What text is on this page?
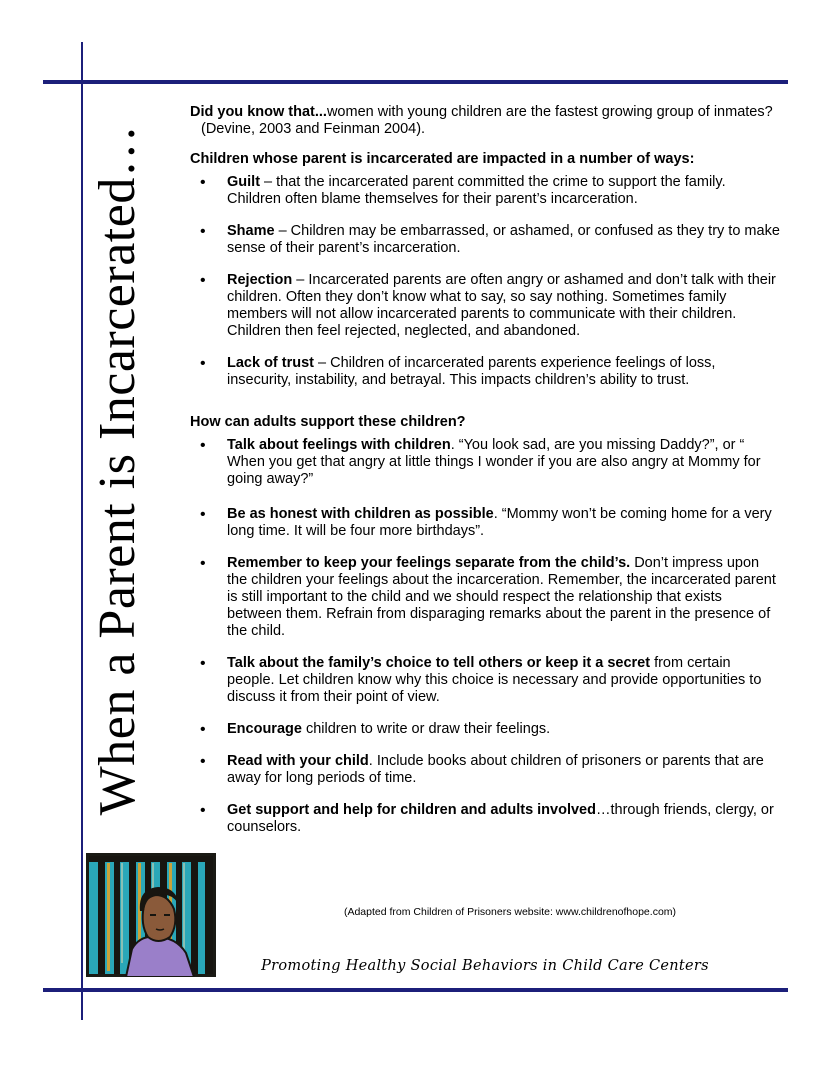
When a Parent is Incarcerated…

Did you know that...women with young children are the fastest growing group of inmates? (Devine, 2003 and Feinman 2004).

Children whose parent is incarcerated are impacted in a number of ways:

• Guilt – that the incarcerated parent committed the crime to support the family. Children often blame themselves for their parent’s incarceration.
• Shame – Children may be embarrassed, or ashamed, or confused as they try to make sense of their parent’s incarceration.
• Rejection – Incarcerated parents are often angry or ashamed and don’t talk with their children. Often they don’t know what to say, so say nothing. Sometimes family members will not allow incarcerated parents to communicate with their children. Children then feel rejected, neglected, and abandoned.
• Lack of trust – Children of incarcerated parents experience feelings of loss, insecurity, instability, and betrayal. This impacts children’s ability to trust.

How can adults support these children?

• Talk about feelings with children. “You look sad, are you missing Daddy?”, or “ When you get that angry at little things I wonder if you are also angry at Mommy for going away?”
• Be as honest with children as possible. “Mommy won’t be coming home for a very long time. It will be four more birthdays”.
• Remember to keep your feelings separate from the child’s. Don’t impress upon the children your feelings about the incarceration. Remember, the incarcerated parent is still important to the child and we should respect the relationship that exists between them. Refrain from disparaging remarks about the parent in the presence of the child.
• Talk about the family’s choice to tell others or keep it a secret from certain people. Let children know why this choice is necessary and provide opportunities to discuss it from their point of view.
• Encourage children to write or draw their feelings.
• Read with your child. Include books about children of prisoners or parents that are away for long periods of time.
• Get support and help for children and adults involved…through friends, clergy, or counselors.
(Adapted from Children of Prisoners website: www.childrenofhope.com)
Promoting Healthy Social Behaviors in Child Care Centers
